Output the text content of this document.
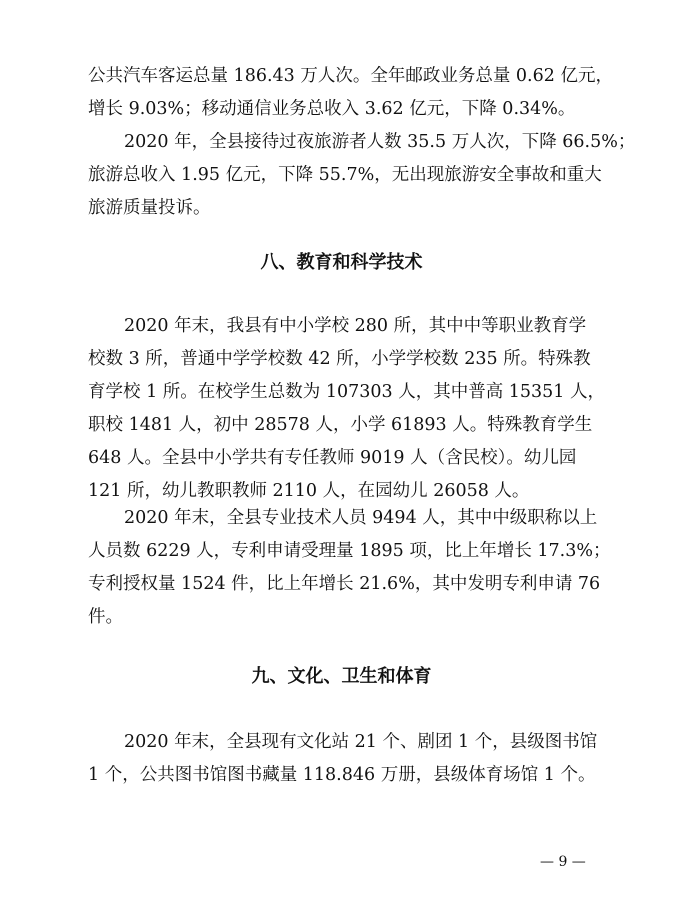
公共汽车客运总量 186.43 万人次。全年邮政业务总量 0.62 亿元，
增长 9.03%；移动通信业务总收入 3.62 亿元，下降 0.34%。

2020 年，全县接待过夜旅游者人数 35.5 万人次，下降 66.5%；
旅游总收入 1.95 亿元，下降 55.7%，无出现旅游安全事故和重大
旅游质量投诉。

八、教育和科学技术

2020 年末，我县有中小学校 280 所，其中中等职业教育学
校数 3 所，普通中学学校数 42 所，小学学校数 235 所。特殊教
育学校 1 所。在校学生总数为 107303 人，其中普高 15351 人，
职校 1481 人，初中 28578 人，小学 61893 人。特殊教育学生
648 人。全县中小学共有专任教师 9019 人（含民校）。幼儿园
121 所，幼儿教职教师 2110 人，在园幼儿 26058 人。

2020 年末，全县专业技术人员 9494 人，其中中级职称以上
人员数 6229 人，专利申请受理量 1895 项，比上年增长 17.3%；
专利授权量 1524 件，比上年增长 21.6%，其中发明专利申请 76
件。

九、文化、卫生和体育

2020 年末，全县现有文化站 21 个、剧团 1 个，县级图书馆
1 个，公共图书馆图书藏量 118.846 万册，县级体育场馆 1 个。

— 9 —
